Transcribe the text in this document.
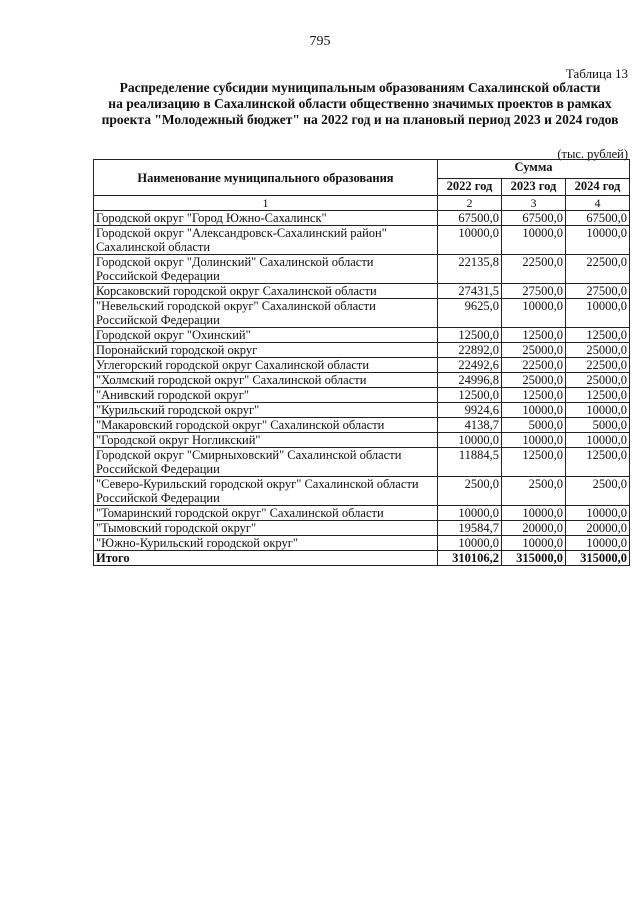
795
Таблица 13
Распределение субсидии муниципальным образованиям Сахалинской области
на реализацию в Сахалинской области общественно значимых проектов в рамках
проекта "Молодежный бюджет" на 2022 год и на плановый период 2023 и 2024 годов
(тыс. рублей)
Наименование муниципального образования	Сумма		
	2022 год	2023 год	2024 год
1	2	3	4
Городской округ "Город Южно-Сахалинск"	67500,0	67500,0	67500,0
Городской округ "Александровск-Сахалинский район" Сахалинской области	10000,0	10000,0	10000,0
Городской округ "Долинский" Сахалинской области Российской Федерации	22135,8	22500,0	22500,0
Корсаковский городской округ Сахалинской области	27431,5	27500,0	27500,0
"Невельский городской округ" Сахалинской области Российской Федерации	9625,0	10000,0	10000,0
Городской округ "Охинский"	12500,0	12500,0	12500,0
Поронайский городской округ	22892,0	25000,0	25000,0
Углегорский городской округ Сахалинской области	22492,6	22500,0	22500,0
"Холмский городской округ" Сахалинской области	24996,8	25000,0	25000,0
"Анивский городской округ"	12500,0	12500,0	12500,0
"Курильский городской округ"	9924,6	10000,0	10000,0
"Макаровский городской округ" Сахалинской области	4138,7	5000,0	5000,0
"Городской округ Ногликский"	10000,0	10000,0	10000,0
Городской округ "Смирныховский" Сахалинской области Российской Федерации	11884,5	12500,0	12500,0
"Северо-Курильский городской округ" Сахалинской области Российской Федерации	2500,0	2500,0	2500,0
"Томаринский городской округ" Сахалинской области	10000,0	10000,0	10000,0
"Тымовский городской округ"	19584,7	20000,0	20000,0
"Южно-Курильский городской округ"	10000,0	10000,0	10000,0
Итого	310106,2	315000,0	315000,0
